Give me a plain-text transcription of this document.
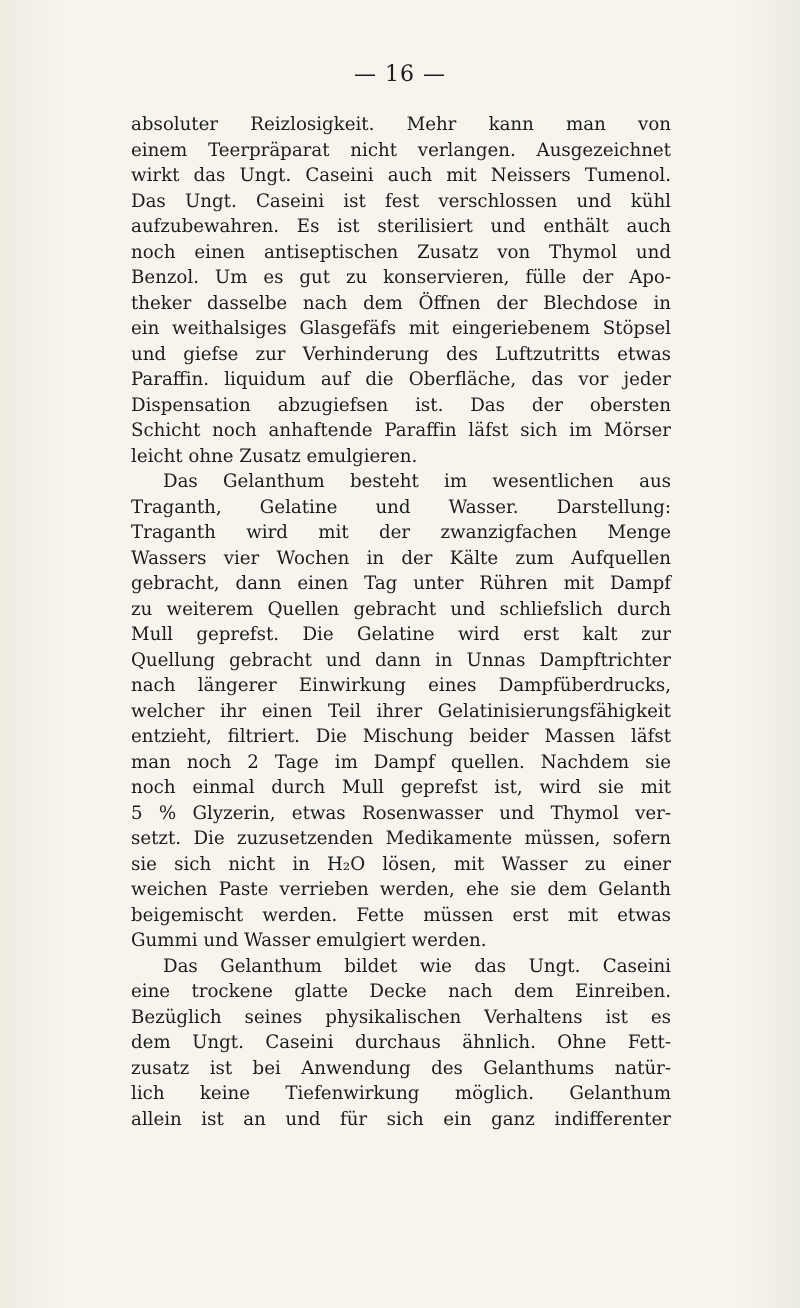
— 16 —
absoluter Reizlosigkeit. Mehr kann man von
einem Teerpräparat nicht verlangen. Ausgezeichnet
wirkt das Ungt. Caseini auch mit Neissers Tumenol.
Das Ungt. Caseini ist fest verschlossen und kühl
aufzubewahren. Es ist sterilisiert und enthält auch
noch einen antiseptischen Zusatz von Thymol und
Benzol. Um es gut zu konservieren, fülle der Apo-
theker dasselbe nach dem Öffnen der Blechdose in
ein weithalsiges Glasgefäfs mit eingeriebenem Stöpsel
und giefse zur Verhinderung des Luftzutritts etwas
Paraffin. liquidum auf die Oberfläche, das vor jeder
Dispensation abzugiefsen ist. Das der obersten
Schicht noch anhaftende Paraffin läfst sich im Mörser
leicht ohne Zusatz emulgieren.
Das Gelanthum besteht im wesentlichen aus
Traganth, Gelatine und Wasser. Darstellung:
Traganth wird mit der zwanzigfachen Menge
Wassers vier Wochen in der Kälte zum Aufquellen
gebracht, dann einen Tag unter Rühren mit Dampf
zu weiterem Quellen gebracht und schliefslich durch
Mull geprefst. Die Gelatine wird erst kalt zur
Quellung gebracht und dann in Unnas Dampftrichter
nach längerer Einwirkung eines Dampfüberdrucks,
welcher ihr einen Teil ihrer Gelatinisierungsfähigkeit
entzieht, filtriert. Die Mischung beider Massen läfst
man noch 2 Tage im Dampf quellen. Nachdem sie
noch einmal durch Mull geprefst ist, wird sie mit
5 % Glyzerin, etwas Rosenwasser und Thymol ver-
setzt. Die zuzusetzenden Medikamente müssen, sofern
sie sich nicht in H₂O lösen, mit Wasser zu einer
weichen Paste verrieben werden, ehe sie dem Gelanth
beigemischt werden. Fette müssen erst mit etwas
Gummi und Wasser emulgiert werden.
Das Gelanthum bildet wie das Ungt. Caseini
eine trockene glatte Decke nach dem Einreiben.
Bezüglich seines physikalischen Verhaltens ist es
dem Ungt. Caseini durchaus ähnlich. Ohne Fett-
zusatz ist bei Anwendung des Gelanthums natür-
lich keine Tiefenwirkung möglich. Gelanthum
allein ist an und für sich ein ganz indifferenter
